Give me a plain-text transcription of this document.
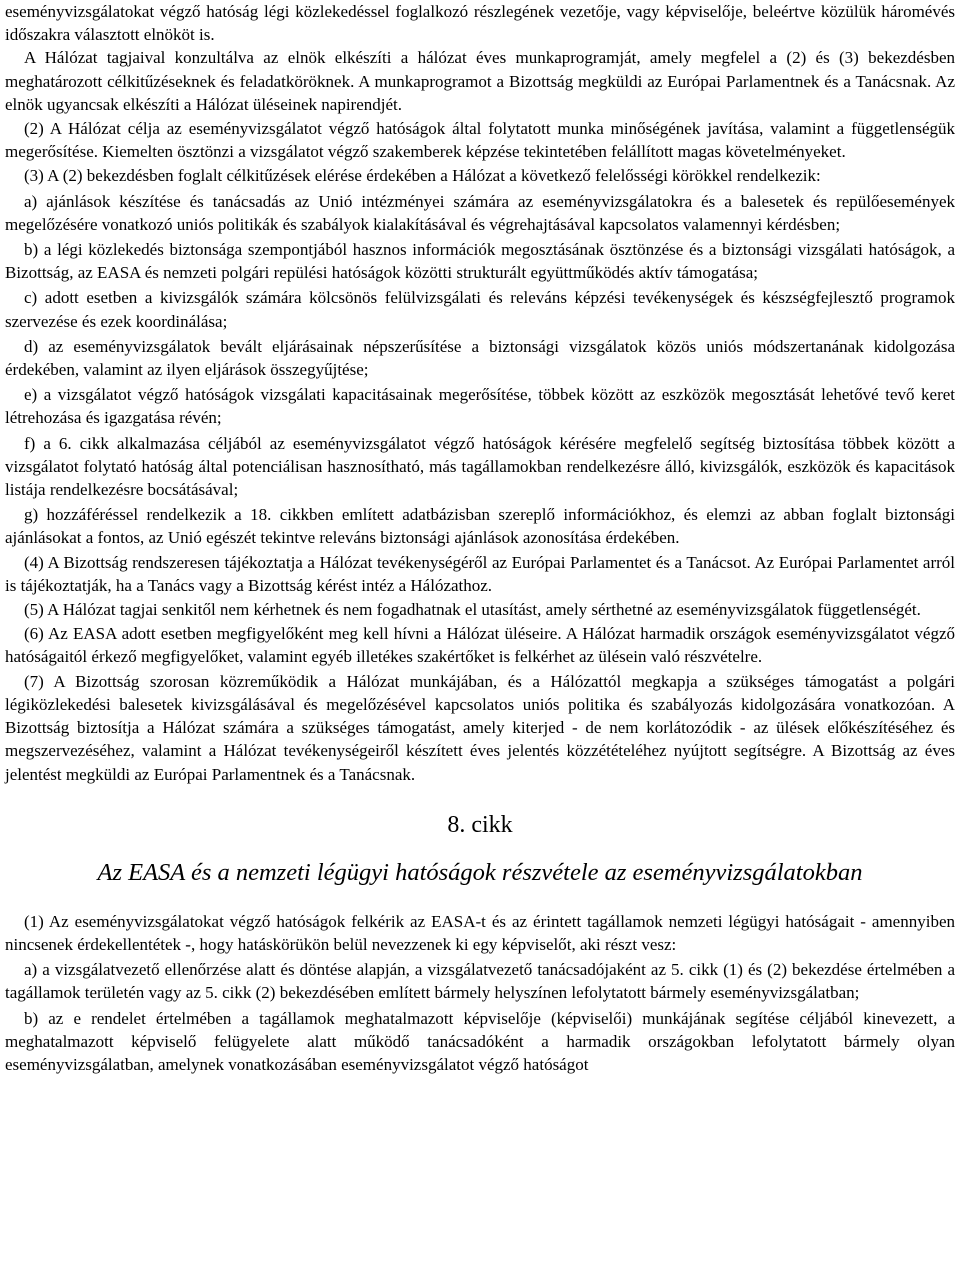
eseményvizsgálatokat végző hatóság légi közlekedéssel foglalkozó részlegének vezetője, vagy képviselője, beleértve közülük háromévés időszakra választott elnököt is.

A Hálózat tagjaival konzultálva az elnök elkészíti a hálózat éves munkaprogramját, amely megfelel a (2) és (3) bekezdésben meghatározott célkitűzéseknek és feladatköröknek. A munkaprogramot a Bizottság megküldi az Európai Parlamentnek és a Tanácsnak. Az elnök ugyancsak elkészíti a Hálózat üléseinek napirendjét.

(2) A Hálózat célja az eseményvizsgálatot végző hatóságok által folytatott munka minőségének javítása, valamint a függetlenségük megerősítése. Kiemelten ösztönzi a vizsgálatot végző szakemberek képzése tekintetében felállított magas követelményeket.

(3) A (2) bekezdésben foglalt célkitűzések elérése érdekében a Hálózat a következő felelősségi körökkel rendelkezik:

a) ajánlások készítése és tanácsadás az Unió intézményei számára az eseményvizsgálatokra és a balesetek és repülőesemények megelőzésére vonatkozó uniós politikák és szabályok kialakításával és végrehajtásával kapcsolatos valamennyi kérdésben;

b) a légi közlekedés biztonsága szempontjából hasznos információk megosztásának ösztönzése és a biztonsági vizsgálati hatóságok, a Bizottság, az EASA és nemzeti polgári repülési hatóságok közötti strukturált együttműködés aktív támogatása;

c) adott esetben a kivizsgálók számára kölcsönös felülvizsgálati és releváns képzési tevékenységek és készségfejlesztő programok szervezése és ezek koordinálása;

d) az eseményvizsgálatok bevált eljárásainak népszerűsítése a biztonsági vizsgálatok közös uniós módszertanának kidolgozása érdekében, valamint az ilyen eljárások összegyűjtése;

e) a vizsgálatot végző hatóságok vizsgálati kapacitásainak megerősítése, többek között az eszközök megosztását lehetővé tevő keret létrehozása és igazgatása révén;

f) a 6. cikk alkalmazása céljából az eseményvizsgálatot végző hatóságok kérésére megfelelő segítség biztosítása többek között a vizsgálatot folytató hatóság által potenciálisan hasznosítható, más tagállamokban rendelkezésre álló, kivizsgálók, eszközök és kapacitások listája rendelkezésre bocsátásával;

g) hozzáféréssel rendelkezik a 18. cikkben említett adatbázisban szereplő információkhoz, és elemzi az abban foglalt biztonsági ajánlásokat a fontos, az Unió egészét tekintve releváns biztonsági ajánlások azonosítása érdekében.

(4) A Bizottság rendszeresen tájékoztatja a Hálózat tevékenységéről az Európai Parlamentet és a Tanácsot. Az Európai Parlamentet arról is tájékoztatják, ha a Tanács vagy a Bizottság kérést intéz a Hálózathoz.

(5) A Hálózat tagjai senkitől nem kérhetnek és nem fogadhatnak el utasítást, amely sérthetné az eseményvizsgálatok függetlenségét.

(6) Az EASA adott esetben megfigyelőként meg kell hívni a Hálózat üléseire. A Hálózat harmadik országok eseményvizsgálatot végző hatóságaitól érkező megfigyelőket, valamint egyéb illetékes szakértőket is felkérhet az ülésein való részvételre.

(7) A Bizottság szorosan közreműködik a Hálózat munkájában, és a Hálózattól megkapja a szükséges támogatást a polgári légiközlekedési balesetek kivizsgálásával és megelőzésével kapcsolatos uniós politika és szabályozás kidolgozására vonatkozóan. A Bizottság biztosítja a Hálózat számára a szükséges támogatást, amely kiterjed - de nem korlátozódik - az ülések előkészítéséhez és megszervezéséhez, valamint a Hálózat tevékenységeiről készített éves jelentés közzétételéhez nyújtott segítségre. A Bizottság az éves jelentést megküldi az Európai Parlamentnek és a Tanácsnak.

8. cikk
Az EASA és a nemzeti légügyi hatóságok részvétele az eseményvizsgálatokban

(1) Az eseményvizsgálatokat végző hatóságok felkérik az EASA-t és az érintett tagállamok nemzeti légügyi hatóságait - amennyiben nincsenek érdekellentétek -, hogy hatáskörükön belül nevezzenek ki egy képviselőt, aki részt vesz:

a) a vizsgálatvezető ellenőrzése alatt és döntése alapján, a vizsgálatvezető tanácsadójaként az 5. cikk (1) és (2) bekezdése értelmében a tagállamok területén vagy az 5. cikk (2) bekezdésében említett bármely helyszínen lefolytatott bármely eseményvizsgálatban;

b) az e rendelet értelmében a tagállamok meghatalmazott képviselője (képviselői) munkájának segítése céljából kinevezett, a meghatalmazott képviselő felügyelete alatt működő tanácsadóként a harmadik országokban lefolytatott bármely olyan eseményvizsgálatban, amelynek vonatkozásában eseményvizsgálatot végző hatóságot
